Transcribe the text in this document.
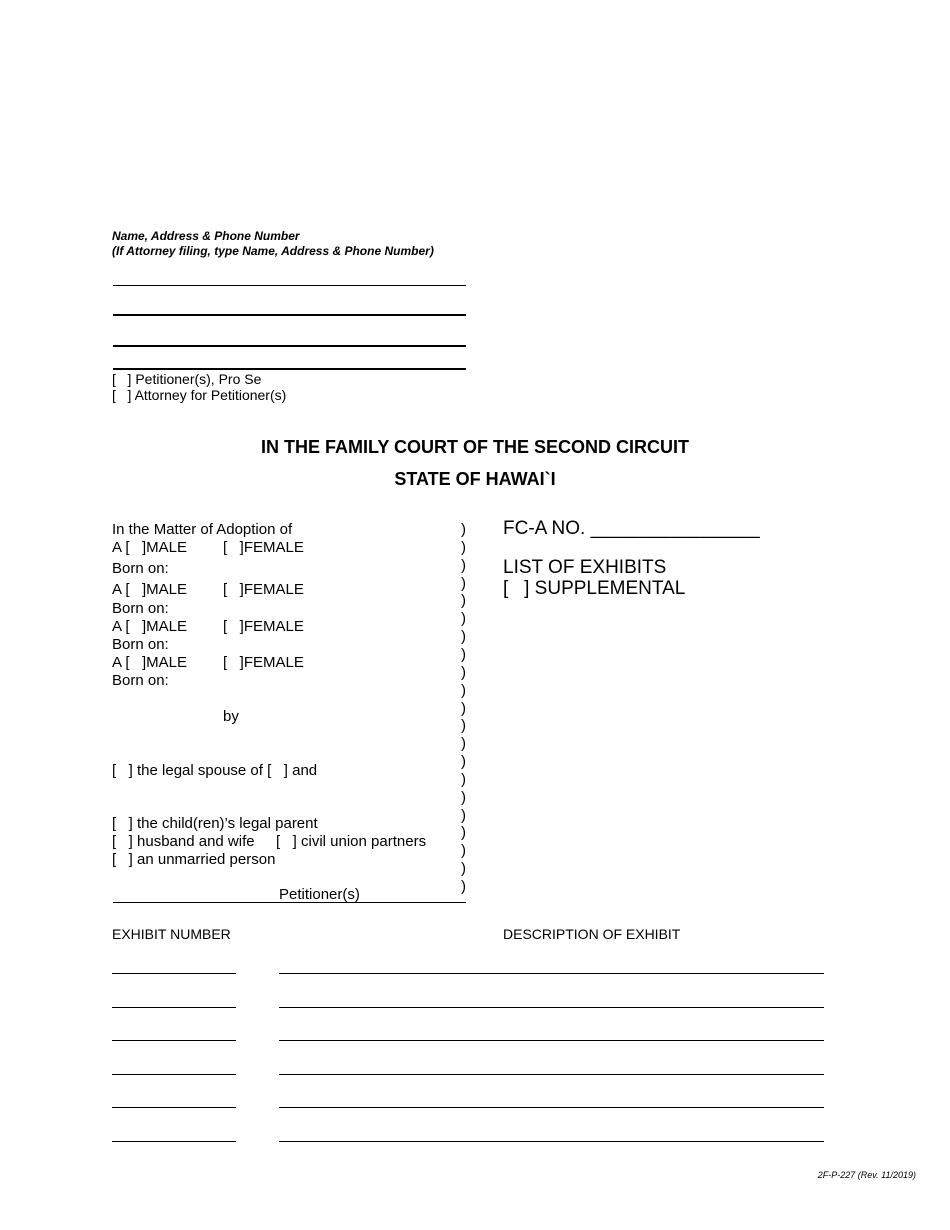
Name, Address & Phone Number
(If Attorney filing, type Name, Address & Phone Number)
[   ] Petitioner(s), Pro Se
[   ] Attorney for Petitioner(s)
IN THE FAMILY COURT OF THE SECOND CIRCUIT
STATE OF HAWAI`I
In the Matter of Adoption of
A [   ]MALE [   ]FEMALE
Born on:
A [   ]MALE [   ]FEMALE
Born on:
A [   ]MALE [   ]FEMALE
Born on:
A [   ]MALE [   ]FEMALE
Born on:
by
[   ] the legal spouse of [   ] and
[   ] the child(ren)’s legal parent
[   ] husband and wife [   ] civil union partners
[   ] an unmarried person
Petitioner(s)
)
)
)
)
)
)
)
)
)
)
)
)
)
)
)
)
)
)
)
)
)
FC-A NO. ________________
LIST OF EXHIBITS
[   ] SUPPLEMENTAL
EXHIBIT NUMBER	DESCRIPTION OF EXHIBIT
2F-P-227 (Rev. 11/2019)
